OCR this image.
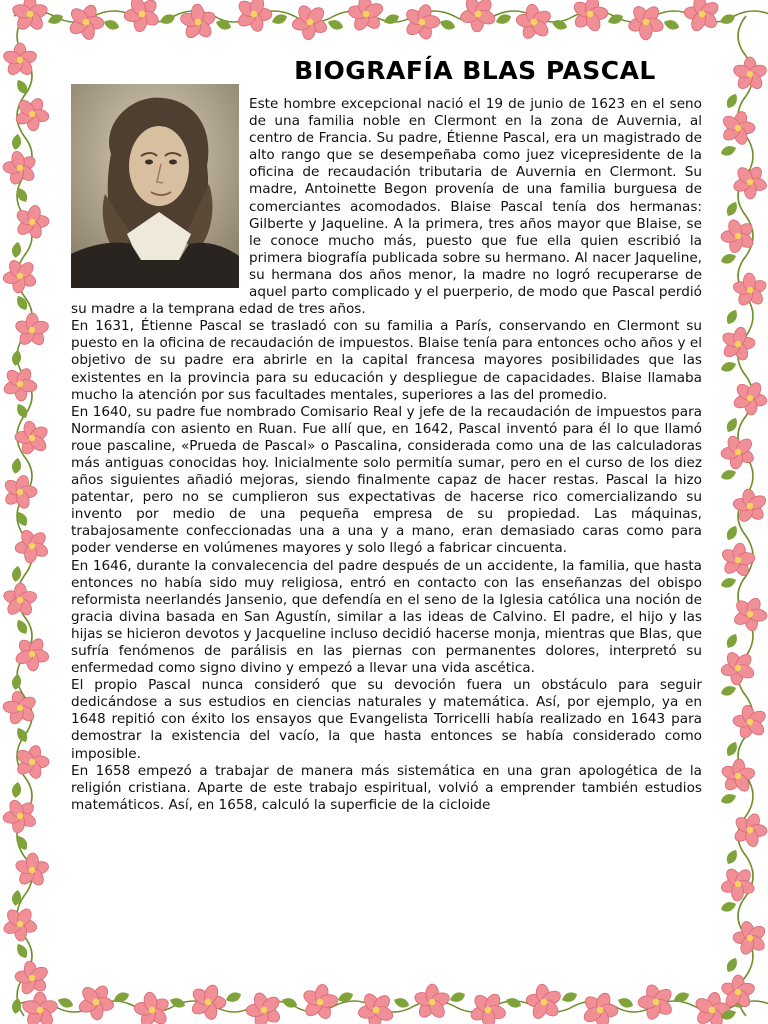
BIOGRAFÍA BLAS PASCAL

Este hombre excepcional nació el 19 de junio de 1623 en el seno de una familia noble en Clermont en la zona de Auvernia, al centro de Francia. Su padre, Étienne Pascal, era un magistrado de alto rango que se desempeñaba como juez vicepresidente de la oficina de recaudación tributaria de Auvernia en Clermont. Su madre, Antoinette Begon provenía de una familia burguesa de comerciantes acomodados. Blaise Pascal tenía dos hermanas: Gilberte y Jaqueline. A la primera, tres años mayor que Blaise, se le conoce mucho más, puesto que fue ella quien escribió la primera biografía publicada sobre su hermano. Al nacer Jaqueline, su hermana dos años menor, la madre no logró recuperarse de aquel parto complicado y el puerperio, de modo que Pascal perdió su madre a la temprana edad de tres años.

En 1631, Étienne Pascal se trasladó con su familia a París, conservando en Clermont su puesto en la oficina de recaudación de impuestos. Blaise tenía para entonces ocho años y el objetivo de su padre era abrirle en la capital francesa mayores posibilidades que las existentes en la provincia para su educación y despliegue de capacidades. Blaise llamaba mucho la atención por sus facultades mentales, superiores a las del promedio.

En 1640, su padre fue nombrado Comisario Real y jefe de la recaudación de impuestos para Normandía con asiento en Ruan. Fue allí que, en 1642, Pascal inventó para él lo que llamó roue pascaline, «Prueda de Pascal» o Pascalina, considerada como una de las calculadoras más antiguas conocidas hoy. Inicialmente solo permitía sumar, pero en el curso de los diez años siguientes añadió mejoras, siendo finalmente capaz de hacer restas. Pascal la hizo patentar, pero no se cumplieron sus expectativas de hacerse rico comercializando su invento por medio de una pequeña empresa de su propiedad. Las máquinas, trabajosamente confeccionadas una a una y a mano, eran demasiado caras como para poder venderse en volúmenes mayores y solo llegó a fabricar cincuenta.

En 1646, durante la convalecencia del padre después de un accidente, la familia, que hasta entonces no había sido muy religiosa, entró en contacto con las enseñanzas del obispo reformista neerlandés Jansenio, que defendía en el seno de la Iglesia católica una noción de gracia divina basada en San Agustín, similar a las ideas de Calvino. El padre, el hijo y las hijas se hicieron devotos y Jacqueline incluso decidió hacerse monja, mientras que Blas, que sufría fenómenos de parálisis en las piernas con permanentes dolores, interpretó su enfermedad como signo divino y empezó a llevar una vida ascética.

El propio Pascal nunca consideró que su devoción fuera un obstáculo para seguir dedicándose a sus estudios en ciencias naturales y matemática. Así, por ejemplo, ya en 1648 repitió con éxito los ensayos que Evangelista Torricelli había realizado en 1643 para demostrar la existencia del vacío, la que hasta entonces se había considerado como imposible.

En 1658 empezó a trabajar de manera más sistemática en una gran apologética de la religión cristiana. Aparte de este trabajo espiritual, volvió a emprender también estudios matemáticos. Así, en 1658, calculó la superficie de la cicloide
